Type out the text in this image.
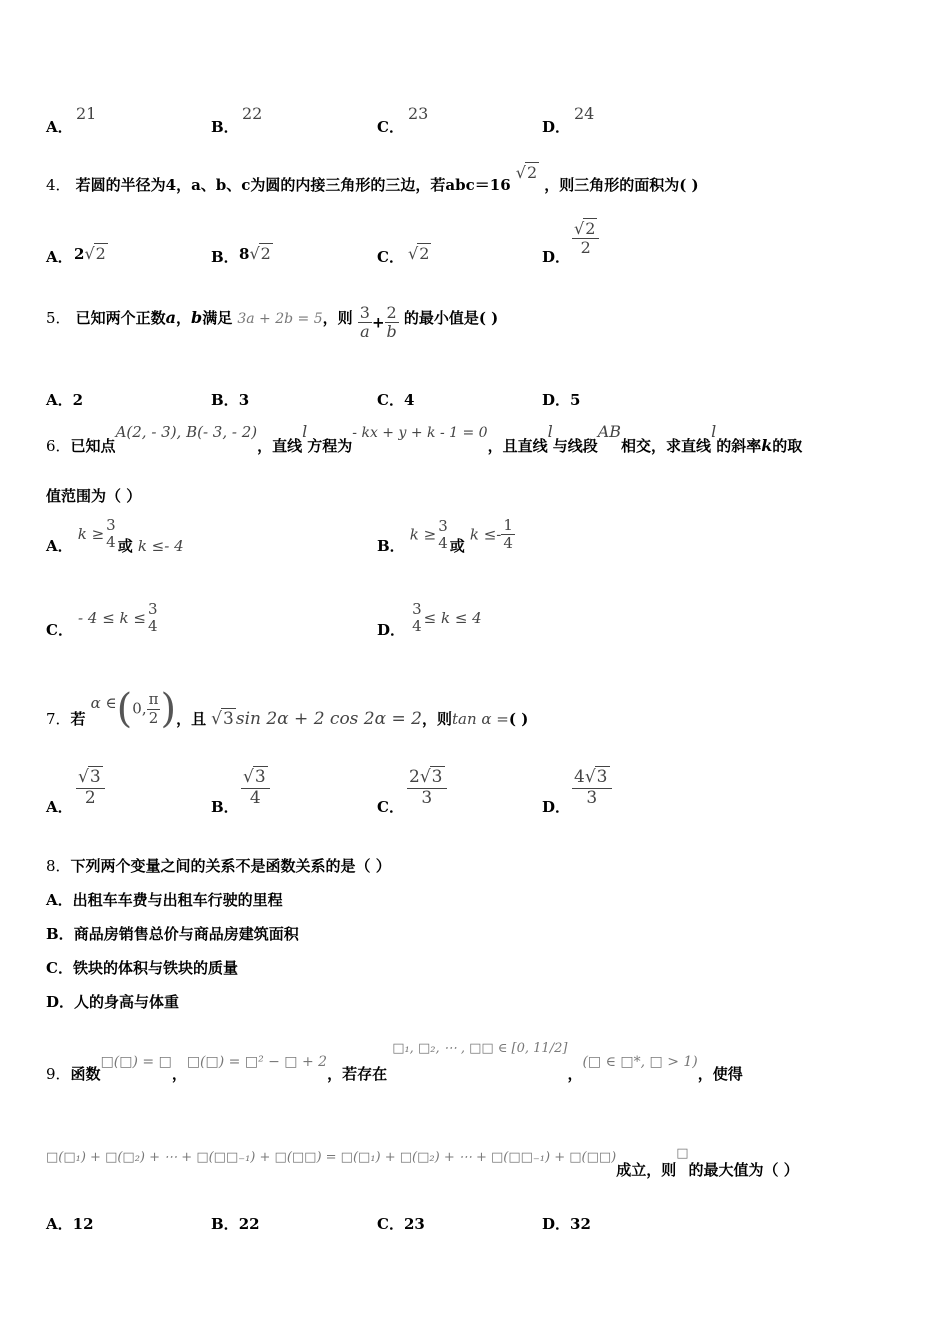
A．
21
B．
22
C．
23
D．
24
4． 若圆的半径为4，a、b、c为圆的内接三角形的三边，若abc＝16 √2 ，则三角形的面积为( )
A． 2√2	B． 8√2	C． √2	D． $\frac{√2}{2}$
5． 已知两个正数a，b满足 3a + 2b = 5，则 $\frac{3}{a} + \frac{2}{b}$ 的最小值是( )
A．2	B．3	C．4	D．5
6．已知点A(2, - 3), B(- 3, - 2)，直线l方程为- kx + y + k - 1 = 0，且直线l与线段AB相交，求直线l的斜率k的取
值范围为（ ）
A． k ≥ 3
4 或 k ≤- 4	B． k ≥ 3
4 或 $k \le- \frac{1}{4}$
C． - 4 ≤ k ≤ 3
4	D．
3
4 ≤ k ≤ 4
7．若 α ∈(0, $\frac{\pi}{2}$ )，且 √3 sin 2α + 2 cos 2α = 2，则tan α =( )
A． $\frac{√3}{2}$	B． $\frac{√3}{4}$	C． $\frac{2√3}{3}$	D． $\frac{4√3}{3}$
8．下列两个变量之间的关系不是函数关系的是（ ）
A．出租车车费与出租车行驶的里程
B．商品房销售总价与商品房建筑面积
C．铁块的体积与铁块的质量
D．人的身高与体重
9．函数□(□) = □，□(□) = □² − □ + 2，若存在 □₁, □₂, ⋯ , □□ ∈ [0, 11/2]，(□ ∈ □*, □ > 1)，使得
□(□₁) + □(□₂) + ⋯ + □(□□₋₁) + □(□□) = □(□₁) + □(□₂) + ⋯ + □(□□₋₁) + □(□□)成立，则□的最大值为（ ）
A．12	B．22	C．23	D．32
